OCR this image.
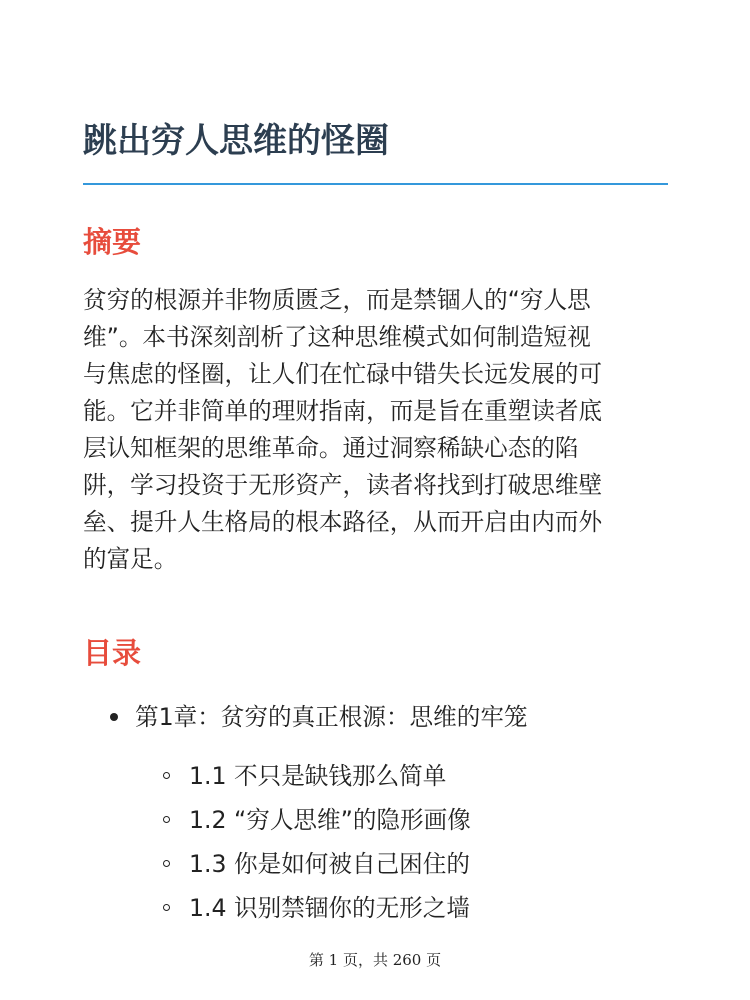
跳出穷人思维的怪圈
摘要

贫穷的根源并非物质匮乏，而是禁锢人的“穷人思
维”。本书深刻剖析了这种思维模式如何制造短视
与焦虑的怪圈，让人们在忙碌中错失长远发展的可
能。它并非简单的理财指南，而是旨在重塑读者底
层认知框架的思维革命。通过洞察稀缺心态的陷
阱，学习投资于无形资产，读者将找到打破思维壁
垒、提升人生格局的根本路径，从而开启由内而外
的富足。

目录
第1章：贫穷的真正根源：思维的牢笼
1.1 不只是缺钱那么简单
1.2 “穷人思维”的隐形画像
1.3 你是如何被自己困住的
1.4 识别禁锢你的无形之墙
第 1 页，共 260 页
